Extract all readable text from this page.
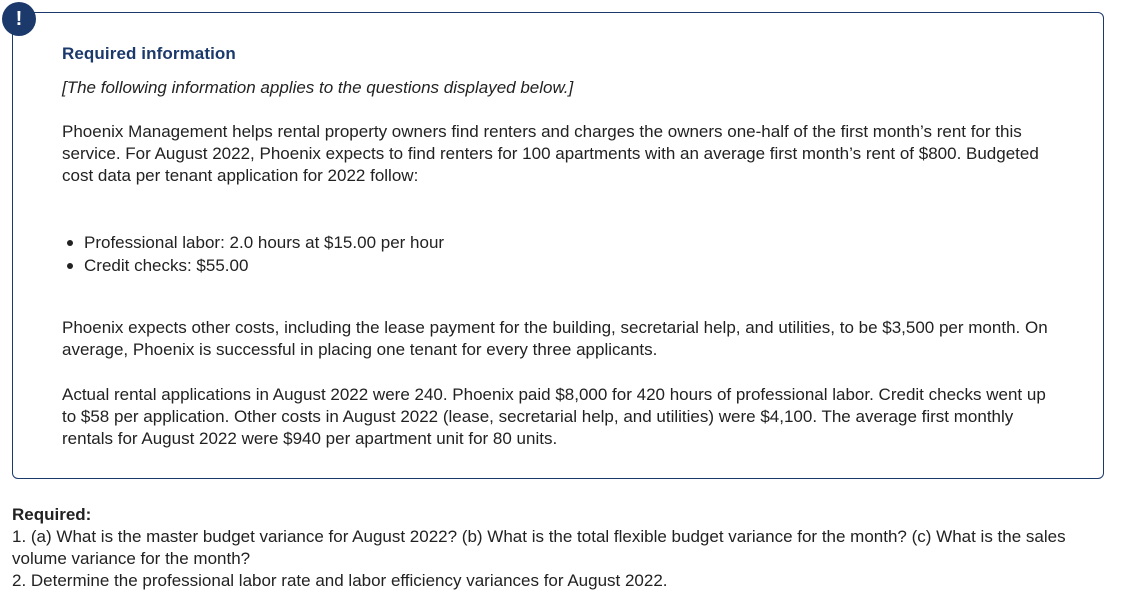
!
Required information

[The following information applies to the questions displayed below.]

Phoenix Management helps rental property owners find renters and charges the owners one-half of the first month’s rent for this service. For August 2022, Phoenix expects to find renters for 100 apartments with an average first month’s rent of $800. Budgeted cost data per tenant application for 2022 follow:

Professional labor: 2.0 hours at $15.00 per hour
Credit checks: $55.00

Phoenix expects other costs, including the lease payment for the building, secretarial help, and utilities, to be $3,500 per month. On average, Phoenix is successful in placing one tenant for every three applicants.

Actual rental applications in August 2022 were 240. Phoenix paid $8,000 for 420 hours of professional labor. Credit checks went up to $58 per application. Other costs in August 2022 (lease, secretarial help, and utilities) were $4,100. The average first monthly rentals for August 2022 were $940 per apartment unit for 80 units.

Required:

1. (a) What is the master budget variance for August 2022? (b) What is the total flexible budget variance for the month? (c) What is the sales volume variance for the month?

2. Determine the professional labor rate and labor efficiency variances for August 2022.
